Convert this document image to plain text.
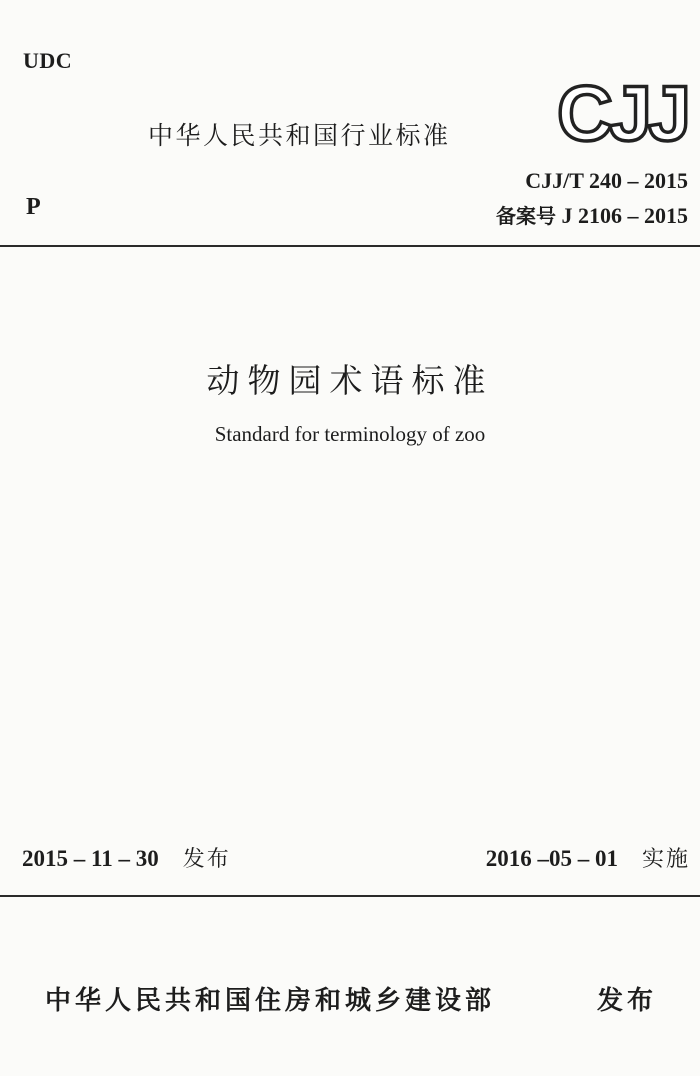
UDC
中华人民共和国行业标准 CJJ
P
CJJ/T 240 – 2015
备案号 J 2106 – 2015
动物园术语标准
Standard for terminology of zoo
2015 – 11 – 30 发布	2016 –05 – 01 实施
中华人民共和国住房和城乡建设部	发布
